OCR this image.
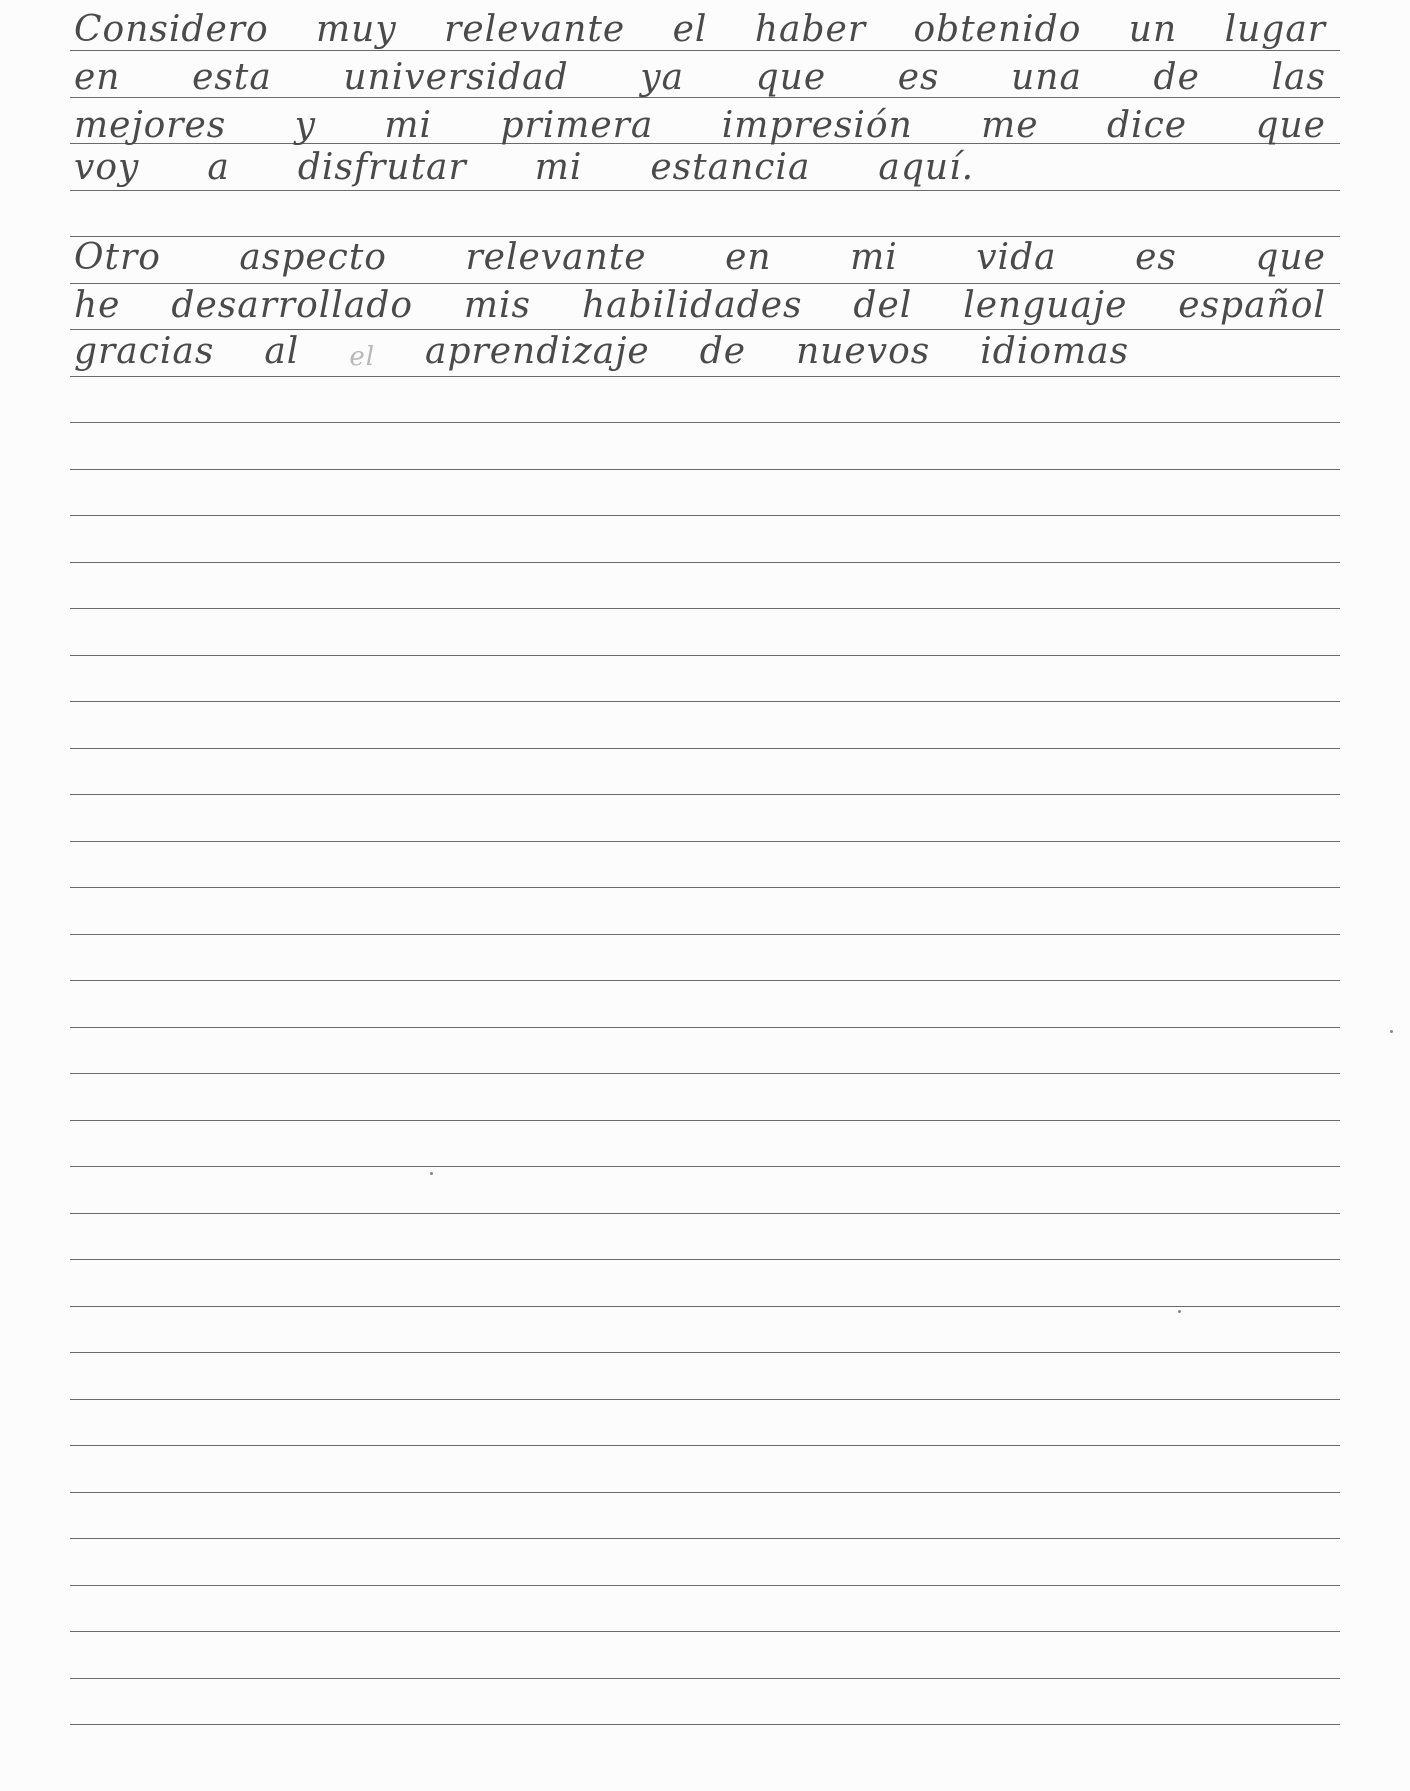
Considero muy relevante el haber obtenido un lugar
en esta universidad ya que es una de las
mejores y mi primera impresión me dice que
voy a disfrutar mi estancia aquí.
Otro aspecto relevante en mi vida es que
he desarrollado mis habilidades del lenguaje español
gracias al el aprendizaje de nuevos idiomas
